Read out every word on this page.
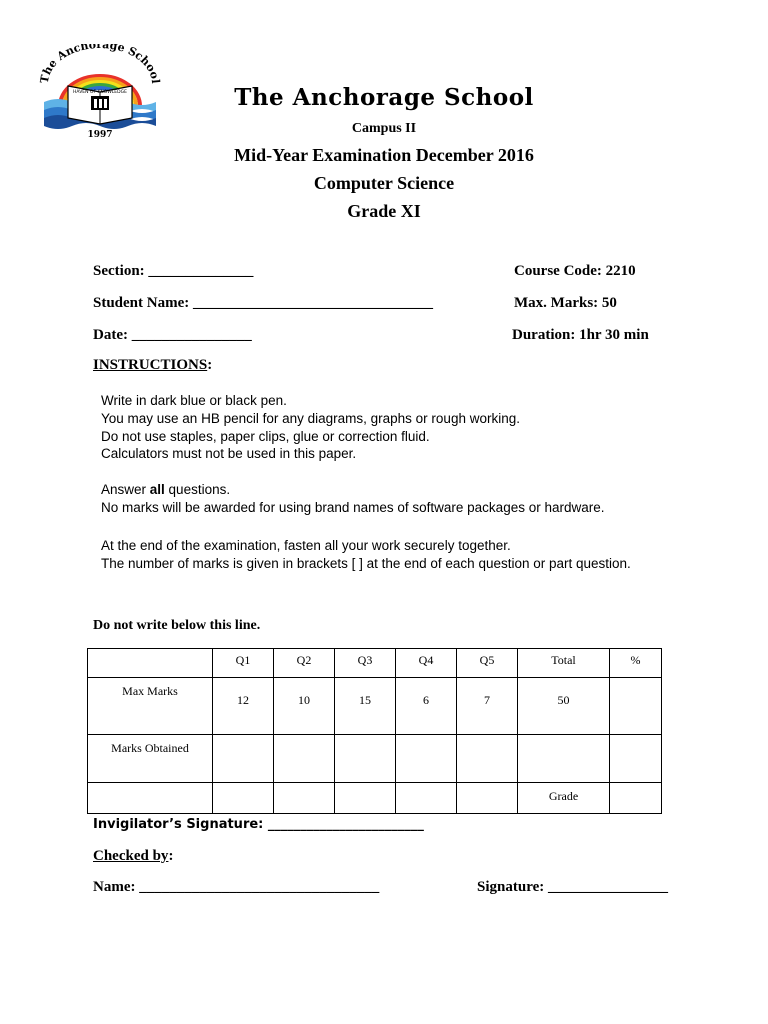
The Anchorage School
HAVEN OF KNOWLEDGE
1997
The Anchorage School
Campus II
Mid-Year Examination December 2016
Computer Science
Grade XI
Section: ______________	Course Code: 2210
Student Name: ________________________________	Max. Marks: 50
Date: ________________	Duration: 1hr 30 min
INSTRUCTIONS:
Write in dark blue or black pen.
You may use an HB pencil for any diagrams, graphs or rough working.
Do not use staples, paper clips, glue or correction fluid.
Calculators must not be used in this paper.
Answer all questions.
No marks will be awarded for using brand names of software packages or hardware.
At the end of the examination, fasten all your work securely together.
The number of marks is given in brackets [ ] at the end of each question or part question.
Do not write below this line.
	Q1	Q2	Q3	Q4	Q5	Total	%
Max Marks	12	10	15	6	7	50	
Marks Obtained							
						Grade	
Invigilator’s Signature: ________________________
Checked by:
Name: ________________________________	Signature: ________________
